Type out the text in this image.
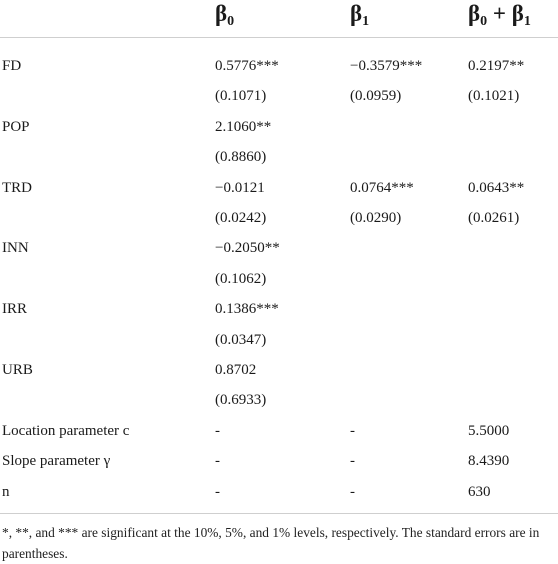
$\beta_0$	$\beta_1$	$\beta_0 + \beta_1$
FD	0.5776***	−0.3579***	0.2197**
(0.1071)	(0.0959)	(0.1021)
POP	2.1060**
(0.8860)
TRD	−0.0121	0.0764***	0.0643**
(0.0242)	(0.0290)	(0.0261)
INN	−0.2050**
(0.1062)
IRR	0.1386***
(0.0347)
URB	0.8702
(0.6933)
Location parameter c	-	-	5.5000
Slope parameter γ	-	-	8.4390
n	-	-	630
*, **, and *** are significant at the 10%, 5%, and 1% levels, respectively. The standard errors are in parentheses.
